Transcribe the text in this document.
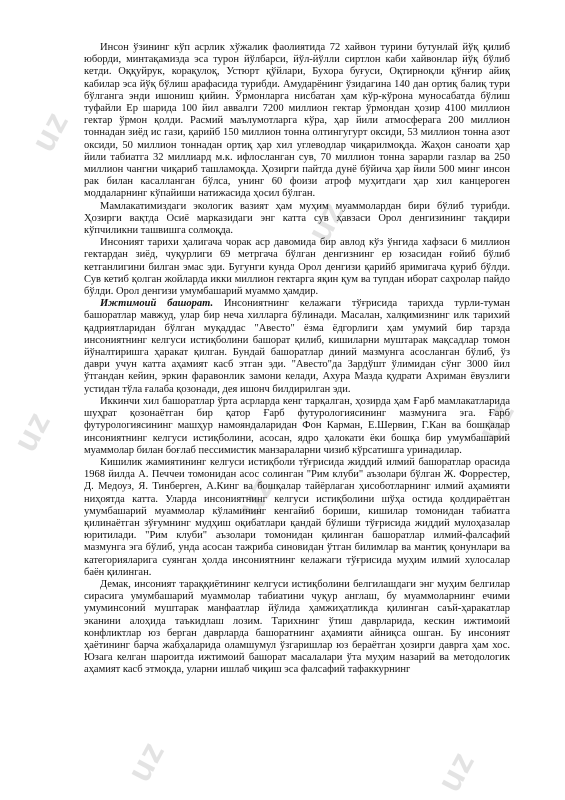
uz
uz
uz
uz
uz
uz	uz

Инсон ўзининг кўп асрлик хўжалик фаолиятида 72 хайвон турини бутунлай йўқ қилиб юборди, минтақамизда эса турон йўлбарси, йўл-йўлли сиртлон каби хайвонлар йўқ бўлиб кетди. Оққуйрук, корақулоқ, Устюрт қўйлари, Бухора буғуси, Оқтирноқли қўнғир айиқ кабилар эса йўқ бўлиш арафасида турибди. Амударёнинг ўзидагина 140 дан ортиқ балиқ тури бўлганга энди ишониш қийин. Ўрмонларга нисбатан ҳам кўр-кўрона муносабатда бўлиш туфайли Ер шарида 100 йил аввалги 7200 миллион гектар ўрмондан ҳозир 4100 миллион гектар ўрмон қолди. Расмий маълумотларга кўра, ҳар йили атмосферага 200 миллион тоннадан зиёд ис гази, қарийб 150 миллион тонна олтингугурт оксиди, 53 миллион тонна азот оксиди, 50 миллион тоннадан ортиқ ҳар хил углеводлар чиқарилмоқда. Жаҳон саноати ҳар йили табиатга 32 миллиард м.к. ифлосланган сув, 70 миллион тонна зарарли газлар ва 250 миллион чангни чиқариб ташламоқда. Ҳозирги пайтда дунё бўйича ҳар йили 500 минг инсон рак билан касалланган бўлса, унинг 60 фоизи атроф муҳитдаги ҳар хил канцероген моддаларнинг кўпайиши натижасида ҳосил бўлган.

Мамлакатимиздаги экологик вазият ҳам муҳим муаммолардан бири бўлиб турибди. Ҳозирги вақтда Осиё марказидаги энг катта сув ҳавзаси Орол денгизининг тақдири кўпчиликни ташвишга солмоқда.

Инсоният тарихи ҳалигача чорак аср давомида бир авлод кўз ўнгида хафзаси 6 миллион гектардан зиёд, чуқурлиги 69 метргача бўлган денгизнинг ер юзасидан ғойиб бўлиб кетганлигини билган эмас эди. Бугунги кунда Орол денгизи қарийб яримигача қуриб бўлди. Сув кетиб қолган жойларда икки миллион гектарга яқин қум ва тупдан иборат саҳролар пайдо бўлди. Орол денгизи умумбашарий муаммо ҳамдир.

Ижтимоий башорат. Инсониятнинг келажаги тўғрисида тарихда турли-туман башоратлар мавжуд, улар бир неча хилларга бўлинади. Масалан, халқимизнинг илк тарихий қадриятларидан бўлган муқаддас "Авесто" ёзма ёдгорлиги ҳам умумий бир тарзда инсониятнинг келгуси истиқболини башорат қилиб, кишиларни муштарак мақсадлар томон йўналтиришга ҳаракат қилган. Бундай башоратлар диний мазмунга асосланган бўлиб, ўз даври учун катта аҳамият касб этган эди. "Авесто"да Зардўшт ўлимидан сўнг 3000 йил ўтгандан кейин, эркин фаравонлик замони келади, Ахура Мазда қудрати Ахриман ёвузлиги устидан тўла ғалаба қозонади, дея ишонч билдирилган эди.

Иккинчи хил башоратлар ўрта асрларда кенг тарқалган, ҳозирда ҳам Ғарб мамлакатларида шуҳрат қозонаётган бир қатор Ғарб футурологиясининг мазмунига эга. Ғарб футурологиясининг машҳур намояндаларидан Фон Карман, Е.Шервин, Г.Кан ва бошқалар инсониятнинг келгуси истиқболини, асосан, ядро ҳалокати ёки бошқа бир умумбашарий муаммолар билан боғлаб пессимистик манзараларни чизиб кўрсатишга уринадилар.

Кишилик жамиятининг келгуси истиқболи тўғрисида жиддий илмий башоратлар орасида 1968 йилда А. Печчеи томонидан асос солинган "Рим клуби" аъзолари бўлган Ж. Форрестер, Д. Медоуз, Я. Тинберген, А.Кинг ва бошқалар тайёрлаган ҳисоботларнинг илмий аҳамияти ниҳоятда катта. Уларда инсониятнинг келгуси истиқболини шўҳа остида қолдираётган умумбашарий муаммолар кўламининг кенгайиб бориши, кишилар томонидан табиатга қилинаётган зўғумнинг мудҳиш оқибатлари қандай бўлиши тўғрисида жиддий мулоҳазалар юритилади. "Рим клуби" аъзолари томонидан қилинган башоратлар илмий-фалсафий мазмунга эга бўлиб, унда асосан тажриба синовидан ўтган билимлар ва мантиқ қонунлари ва категорияларига суянган ҳолда инсониятнинг келажаги тўғрисида муҳим илмий хулосалар баён қилинган.

Демак, инсоният тараққиётининг келгуси истиқболини белгилашдаги энг муҳим белгилар сирасига умумбашарий муаммолар табиатини чуқур англаш, бу муаммоларнинг ечими умуминсоний муштарак манфаатлар йўлида ҳамжиҳатликда қилинган саъй-ҳаракатлар эканини алоҳида таъкидлаш лозим. Тарихнинг ўтиш даврларида, кескин ижтимоий конфликтлар юз берган даврларда башоратнинг аҳамияти айниқса ошган. Бу инсоният ҳаётининг барча жабҳаларида оламшумул ўзгаришлар юз бераётган ҳозирги даврга ҳам хос. Юзага келган шароитда ижтимоий башорат масалалари ўта муҳим назарий ва методологик аҳамият касб этмоқда, уларни ишлаб чиқиш эса фалсафий тафаккурнинг
